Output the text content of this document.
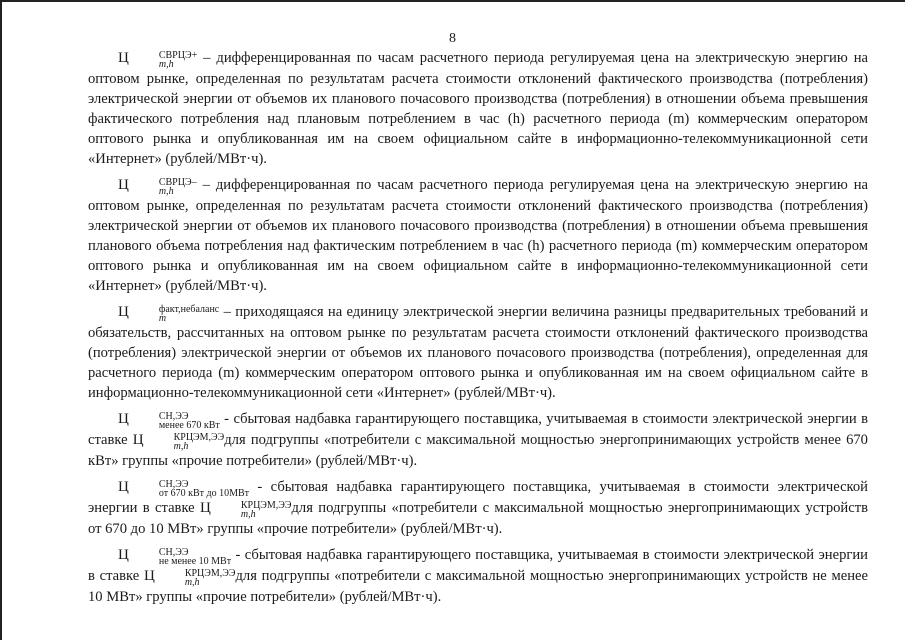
8

Ц	СВРЦЭ+
m,h	– дифференцированная по часам расчетного периода регулируемая цена на электрическую энергию на оптовом рынке, определенная по результатам расчета стоимости отклонений фактического производства (потребления) электрической энергии от объемов их планового почасового производства (потребления) в отношении объема превышения фактического потребления над плановым потреблением в час (h) расчетного периода (m) коммерческим оператором оптового рынка и опубликованная им на своем официальном сайте в информационно-телекоммуникационной сети «Интернет» (рублей/МВт·ч).

Ц	СВРЦЭ–
m,h	– дифференцированная по часам расчетного периода регулируемая цена на электрическую энергию на оптовом рынке, определенная по результатам расчета стоимости отклонений фактического производства (потребления) электрической энергии от объемов их планового почасового производства (потребления) в отношении объема превышения планового объема потребления над фактическим потреблением в час (h) расчетного периода (m) коммерческим оператором оптового рынка и опубликованная им на своем официальном сайте в информационно-телекоммуникационной сети «Интернет» (рублей/МВт·ч).

Ц	факт,небаланс
m	– приходящаяся на единицу электрической энергии величина разницы предварительных требований и обязательств, рассчитанных на оптовом рынке по результатам расчета стоимости отклонений фактического производства (потребления) электрической энергии от объемов их планового почасового производства (потребления), определенная для расчетного периода (m) коммерческим оператором оптового рынка и опубликованная им на своем официальном сайте в информационно-телекоммуникационной сети «Интернет» (рублей/МВт·ч).

Ц	СН,ЭЭ
менее 670 кВт - сбытовая надбавка гарантирующего поставщика, учитываемая в стоимости электрической энергии в ставке Ц	КРЦЭМ,ЭЭ
m,h	для подгруппы «потребители с максимальной мощностью энергопринимающих устройств менее 670 кВт» группы «прочие потребители» (рублей/МВт·ч).

Ц	СН,ЭЭ
от 670 кВт до 10МВт - сбытовая надбавка гарантирующего поставщика, учитываемая в стоимости электрической энергии в ставке Ц	КРЦЭМ,ЭЭ
m,h	для подгруппы «потребители с максимальной мощностью энергопринимающих устройств от 670 до 10 МВт» группы «прочие потребители» (рублей/МВт·ч).

Ц	СН,ЭЭ
не менее 10 МВт - сбытовая надбавка гарантирующего поставщика, учитываемая в стоимости электрической энергии в ставке Ц	КРЦЭМ,ЭЭ
m,h	для подгруппы «потребители с максимальной мощностью энергопринимающих устройств не менее 10 МВт» группы «прочие потребители» (рублей/МВт·ч).
